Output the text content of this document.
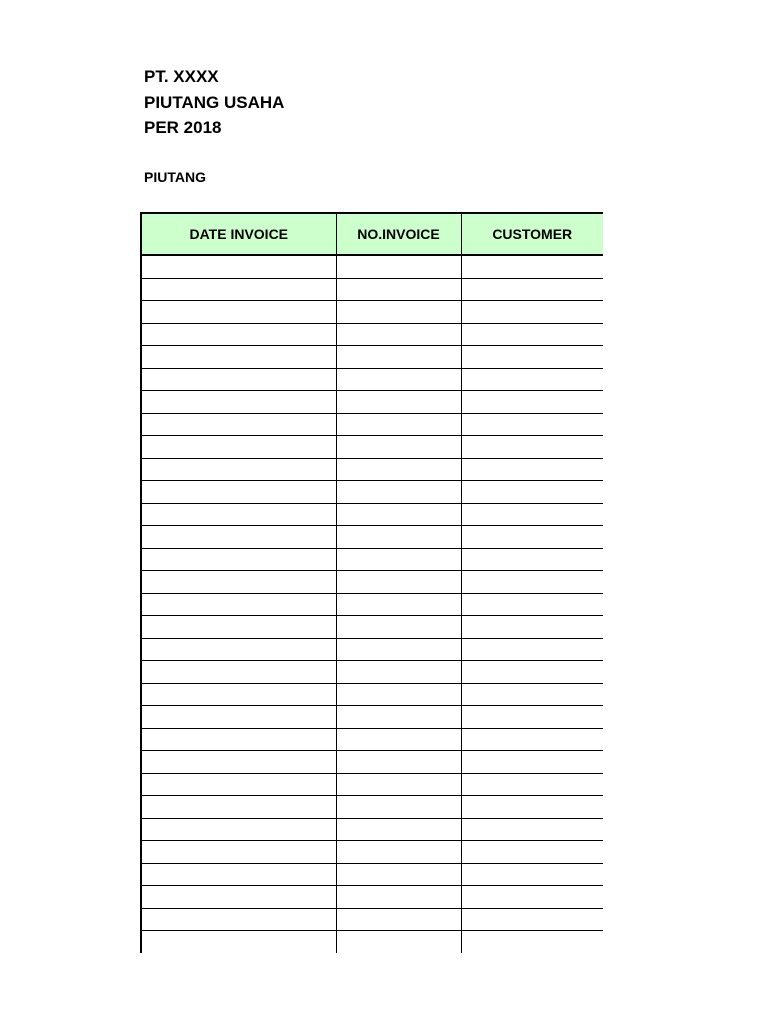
PT. XXXX
PIUTANG USAHA
PER 2018
PIUTANG
DATE INVOICE	NO.INVOICE	CUSTOMER
